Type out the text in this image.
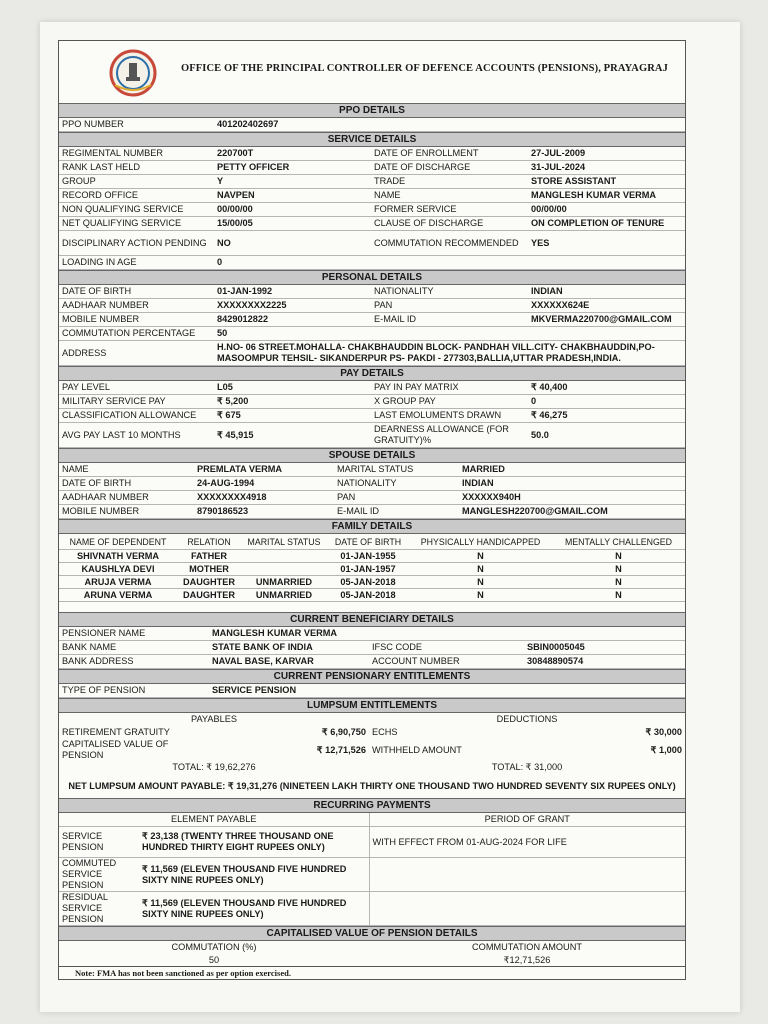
OFFICE OF THE PRINCIPAL CONTROLLER OF DEFENCE ACCOUNTS (PENSIONS), PRAYAGRAJ
PPO DETAILS
PPO NUMBER	401202402697
SERVICE DETAILS
REGIMENTAL NUMBER	220700T	DATE OF ENROLLMENT	27-JUL-2009
RANK LAST HELD	PETTY OFFICER	DATE OF DISCHARGE	31-JUL-2024
GROUP	Y	TRADE	STORE ASSISTANT
RECORD OFFICE	NAVPEN	NAME	MANGLESH KUMAR VERMA
NON QUALIFYING SERVICE	00/00/00	FORMER SERVICE	00/00/00
NET QUALIFYING SERVICE	15/00/05	CLAUSE OF DISCHARGE	ON COMPLETION OF TENURE
DISCIPLINARY ACTION PENDING	NO	COMMUTATION RECOMMENDED	YES
LOADING IN AGE	0		
PERSONAL DETAILS
DATE OF BIRTH	01-JAN-1992	NATIONALITY	INDIAN
AADHAAR NUMBER	XXXXXXXX2225	PAN	XXXXXX624E
MOBILE NUMBER	8429012822	E-MAIL ID	MKVERMA220700@GMAIL.COM
COMMUTATION PERCENTAGE	50		
ADDRESS	H.NO- 06 STREET.MOHALLA- CHAKBHAUDDIN BLOCK- PANDHAH VILL.CITY- CHAKBHAUDDIN,PO-MASOOMPUR TEHSIL- SIKANDERPUR PS- PAKDI - 277303,BALLIA,UTTAR PRADESH,INDIA.		
PAY DETAILS
PAY LEVEL	L05	PAY IN PAY MATRIX	₹ 40,400
MILITARY SERVICE PAY	₹ 5,200	X GROUP PAY	0
CLASSIFICATION ALLOWANCE	₹ 675	LAST EMOLUMENTS DRAWN	₹ 46,275
AVG PAY LAST 10 MONTHS	₹ 45,915	DEARNESS ALLOWANCE (FOR GRATUITY)%	50.0
SPOUSE DETAILS
NAME	PREMLATA VERMA	MARITAL STATUS	MARRIED
DATE OF BIRTH	24-AUG-1994	NATIONALITY	INDIAN
AADHAAR NUMBER	XXXXXXXX4918	PAN	XXXXXX940H
MOBILE NUMBER	8790186523	E-MAIL ID	MANGLESH220700@GMAIL.COM
FAMILY DETAILS
NAME OF DEPENDENT	RELATION	MARITAL STATUS	DATE OF BIRTH	PHYSICALLY HANDICAPPED	MENTALLY CHALLENGED
SHIVNATH VERMA	FATHER		01-JAN-1955	N	N
KAUSHLYA DEVI	MOTHER		01-JAN-1957	N	N
ARUJA VERMA	DAUGHTER	UNMARRIED	05-JAN-2018	N	N
ARUNA VERMA	DAUGHTER	UNMARRIED	05-JAN-2018	N	N
CURRENT BENEFICIARY DETAILS
PENSIONER NAME	MANGLESH KUMAR VERMA		
BANK NAME	STATE BANK OF INDIA	IFSC CODE	SBIN0005045
BANK ADDRESS	NAVAL BASE, KARVAR	ACCOUNT NUMBER	30848890574
CURRENT PENSIONARY ENTITLEMENTS
TYPE OF PENSION	SERVICE PENSION
LUMPSUM ENTITLEMENTS
PAYABLES		DEDUCTIONS	
RETIREMENT GRATUITY	₹ 6,90,750	ECHS	₹ 30,000
CAPITALISED VALUE OF PENSION	₹ 12,71,526	WITHHELD AMOUNT	₹ 1,000
TOTAL: ₹ 19,62,276		TOTAL: ₹ 31,000	
NET LUMPSUM AMOUNT PAYABLE: ₹ 19,31,276 (NINETEEN LAKH THIRTY ONE THOUSAND TWO HUNDRED SEVENTY SIX RUPEES ONLY)			
RECURRING PAYMENTS
ELEMENT PAYABLE		PERIOD OF GRANT
SERVICE PENSION	₹ 23,138 (TWENTY THREE THOUSAND ONE HUNDRED THIRTY EIGHT RUPEES ONLY)	WITH EFFECT FROM 01-AUG-2024 FOR LIFE
COMMUTED SERVICE PENSION	₹ 11,569 (ELEVEN THOUSAND FIVE HUNDRED SIXTY NINE RUPEES ONLY)	
RESIDUAL SERVICE PENSION	₹ 11,569 (ELEVEN THOUSAND FIVE HUNDRED SIXTY NINE RUPEES ONLY)	
CAPITALISED VALUE OF PENSION DETAILS
COMMUTATION (%)	COMMUTATION AMOUNT
50	₹12,71,526
Note: FMA has not been sanctioned as per option exercised.
